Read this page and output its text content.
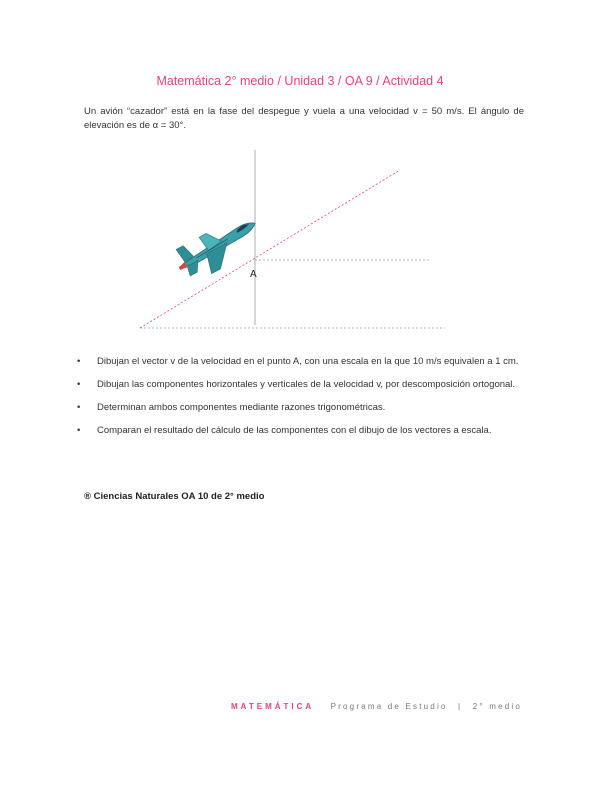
Matemática 2° medio / Unidad 3 / OA 9 / Actividad 4
Un avión “cazador” está en la fase del despegue y vuela a una velocidad v = 50 m/s. El ángulo de elevación es de α = 30°.
A
• Dibujan el vector v de la velocidad en el punto A, con una escala en la que 10 m/s equivalen a 1 cm.
• Dibujan las componentes horizontales y verticales de la velocidad v, por descomposición ortogonal.
• Determinan ambos componentes mediante razones trigonométricas.
• Comparan el resultado del cálculo de las componentes con el dibujo de los vectores a escala.
® Ciencias Naturales OA 10 de 2° medio
MATEMÁTICA Programa de Estudio | 2° medio
